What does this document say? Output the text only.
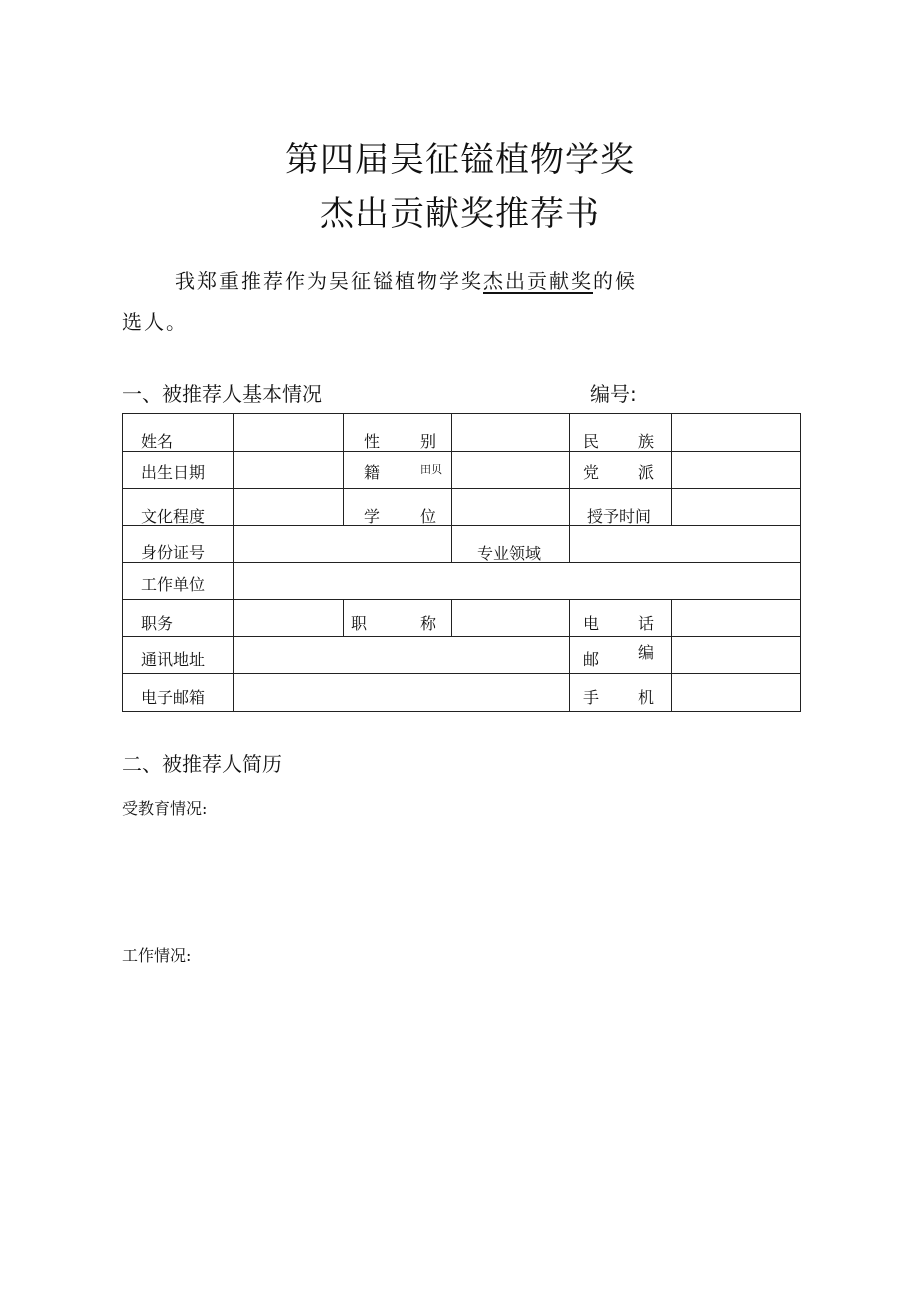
第四届吴征镒植物学奖
杰出贡献奖推荐书
我郑重推荐作为吴征镒植物学奖杰出贡献奖的候
选人。
一、被推荐人基本情况	编号:
姓名	性 别	民 族
出生日期	籍	田贝	党 派
文化程度	学 位	授予时间
身份证号	专业领域
工作单位
职务	职	称	电 话
通讯地址	邮 编
电子邮箱	手 机
二、被推荐人简历
受教育情况:
工作情况:
